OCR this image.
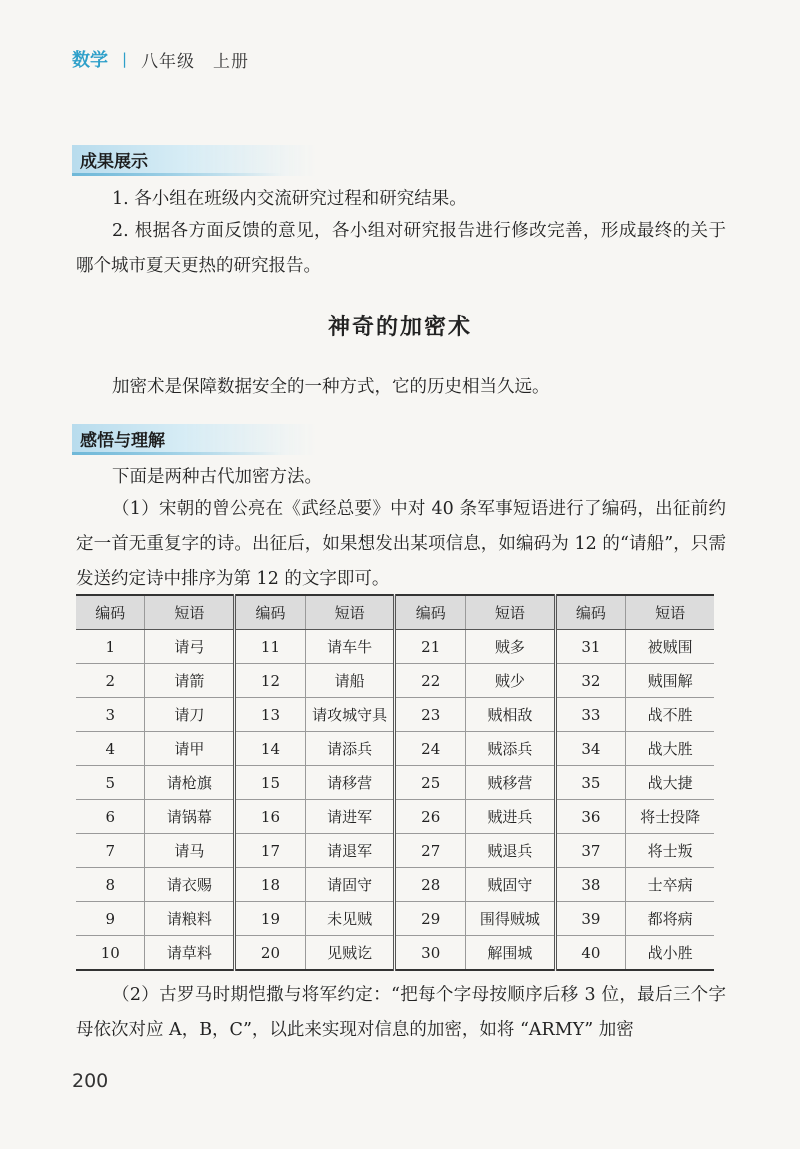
数学 | 八年级　上册
成果展示
1. 各小组在班级内交流研究过程和研究结果。
2. 根据各方面反馈的意见，各小组对研究报告进行修改完善，形成最终的关于哪个城市夏天更热的研究报告。
神奇的加密术
加密术是保障数据安全的一种方式，它的历史相当久远。
感悟与理解
下面是两种古代加密方法。
（1）宋朝的曾公亮在《武经总要》中对 40 条军事短语进行了编码，出征前约定一首无重复字的诗。出征后，如果想发出某项信息，如编码为 12 的“请船”，只需发送约定诗中排序为第 12 的文字即可。
编码	短语	编码	短语	编码	短语	编码	短语
1	请弓	11	请车牛	21	贼多	31	被贼围
2	请箭	12	请船	22	贼少	32	贼围解
3	请刀	13	请攻城守具	23	贼相敌	33	战不胜
4	请甲	14	请添兵	24	贼添兵	34	战大胜
5	请枪旗	15	请移营	25	贼移营	35	战大捷
6	请锅幕	16	请进军	26	贼进兵	36	将士投降
7	请马	17	请退军	27	贼退兵	37	将士叛
8	请衣赐	18	请固守	28	贼固守	38	士卒病
9	请粮料	19	未见贼	29	围得贼城	39	都将病
10	请草料	20	见贼讫	30	解围城	40	战小胜
（2）古罗马时期恺撒与将军约定：“把每个字母按顺序后移 3 位，最后三个字母依次对应 A，B，C”，以此来实现对信息的加密，如将 “ARMY” 加密
200
